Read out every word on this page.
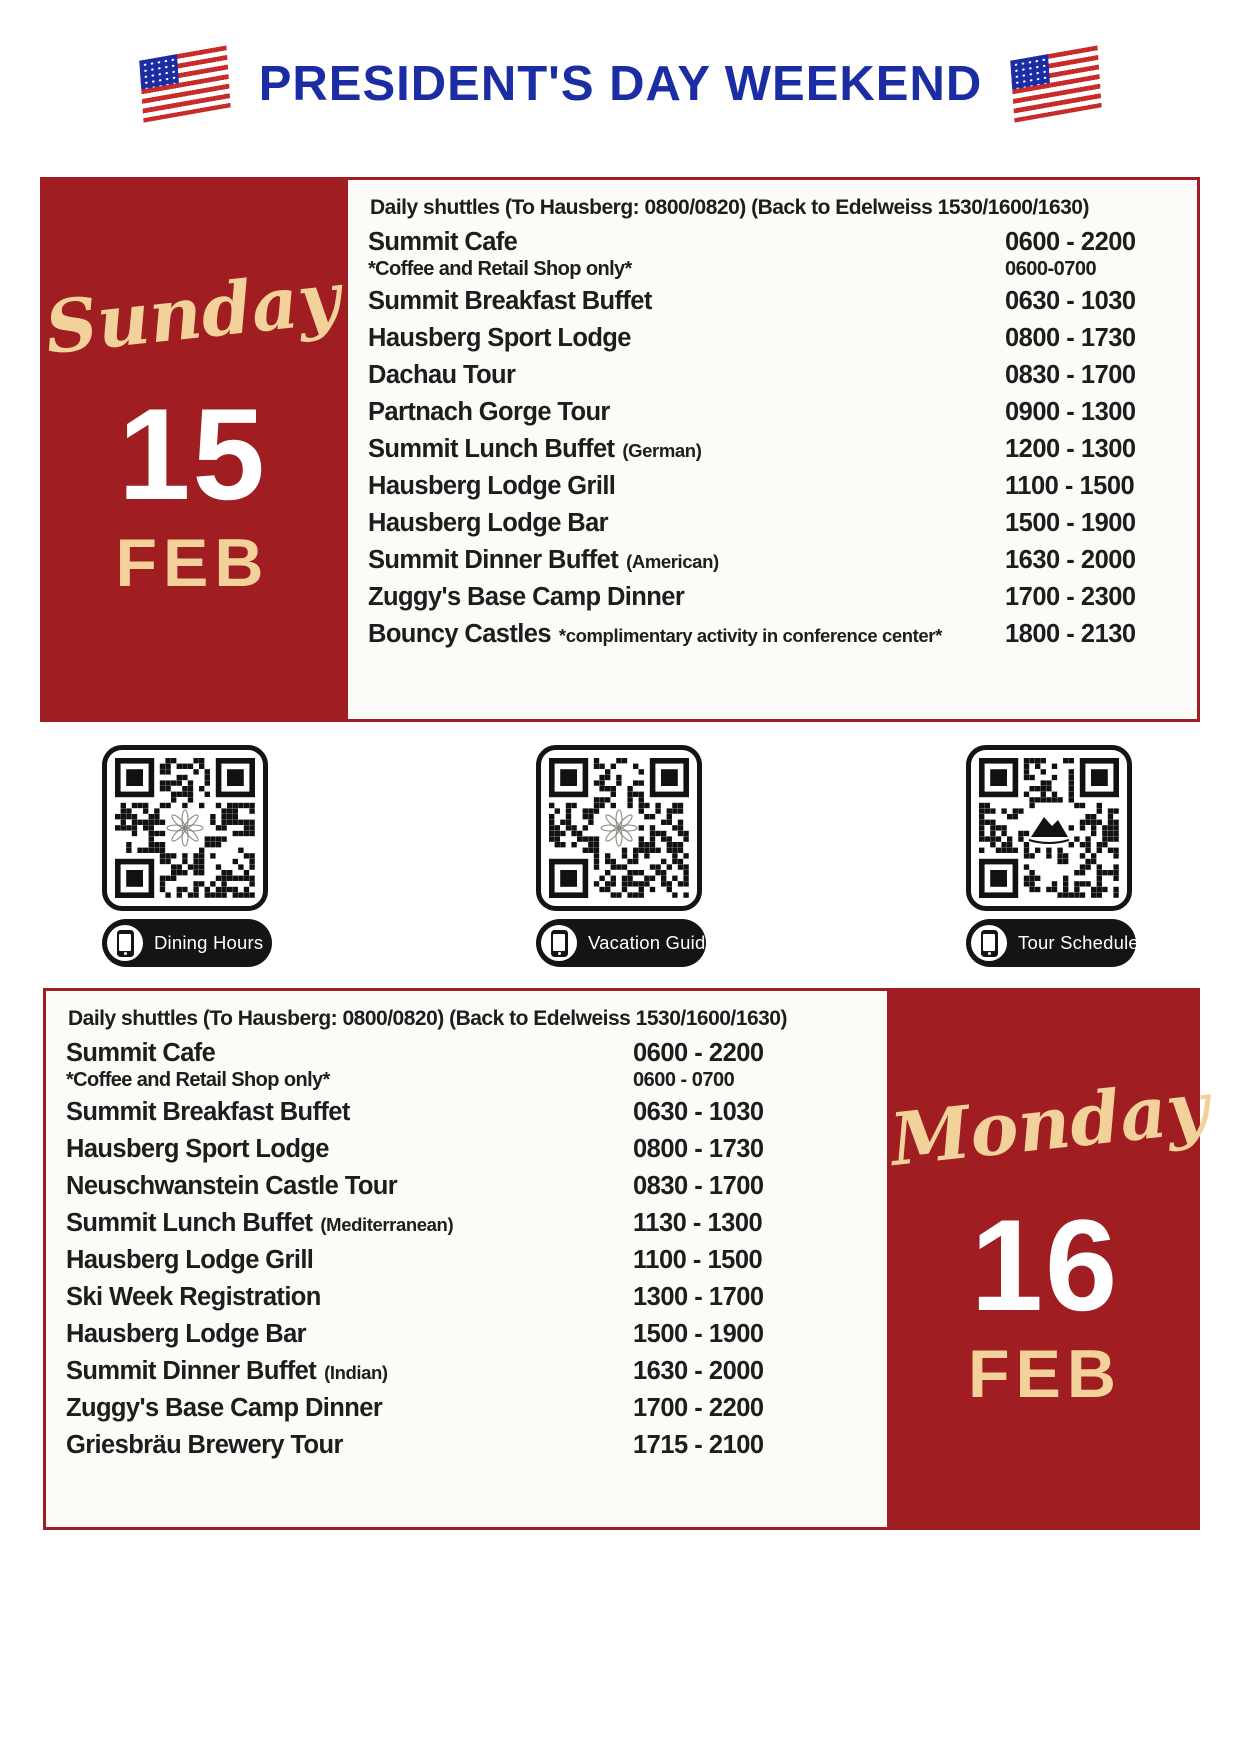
PRESIDENT'S DAY WEEKEND
Sunday
15
FEB
Daily shuttles (To Hausberg: 0800/0820) (Back to Edelweiss 1530/1600/1630)
Summit Cafe	0600 - 2200
*Coffee and Retail Shop only*	0600-0700
Summit Breakfast Buffet	0630 - 1030
Hausberg Sport Lodge	0800 - 1730
Dachau Tour	0830 - 1700
Partnach Gorge Tour	0900 - 1300
Summit Lunch Buffet (German)	1200 - 1300
Hausberg Lodge Grill	1100 - 1500
Hausberg Lodge Bar	1500 - 1900
Summit Dinner Buffet (American)	1630 - 2000
Zuggy's Base Camp Dinner	1700 - 2300
Bouncy Castles *complimentary activity in conference center* 1800 - 2130
Dining Hours	Vacation Guide	Tour Schedule
Daily shuttles (To Hausberg: 0800/0820) (Back to Edelweiss 1530/1600/1630)
Summit Cafe	0600 - 2200
*Coffee and Retail Shop only*	0600 - 0700
Summit Breakfast Buffet	0630 - 1030
Hausberg Sport Lodge	0800 - 1730
Neuschwanstein Castle Tour	0830 - 1700
Summit Lunch Buffet (Mediterranean)	1130 - 1300
Hausberg Lodge Grill	1100 - 1500
Ski Week Registration	1300 - 1700
Hausberg Lodge Bar	1500 - 1900
Summit Dinner Buffet (Indian)	1630 - 2000
Zuggy's Base Camp Dinner	1700 - 2200
Griesbräu Brewery Tour	1715 - 2100
Monday
16
FEB
